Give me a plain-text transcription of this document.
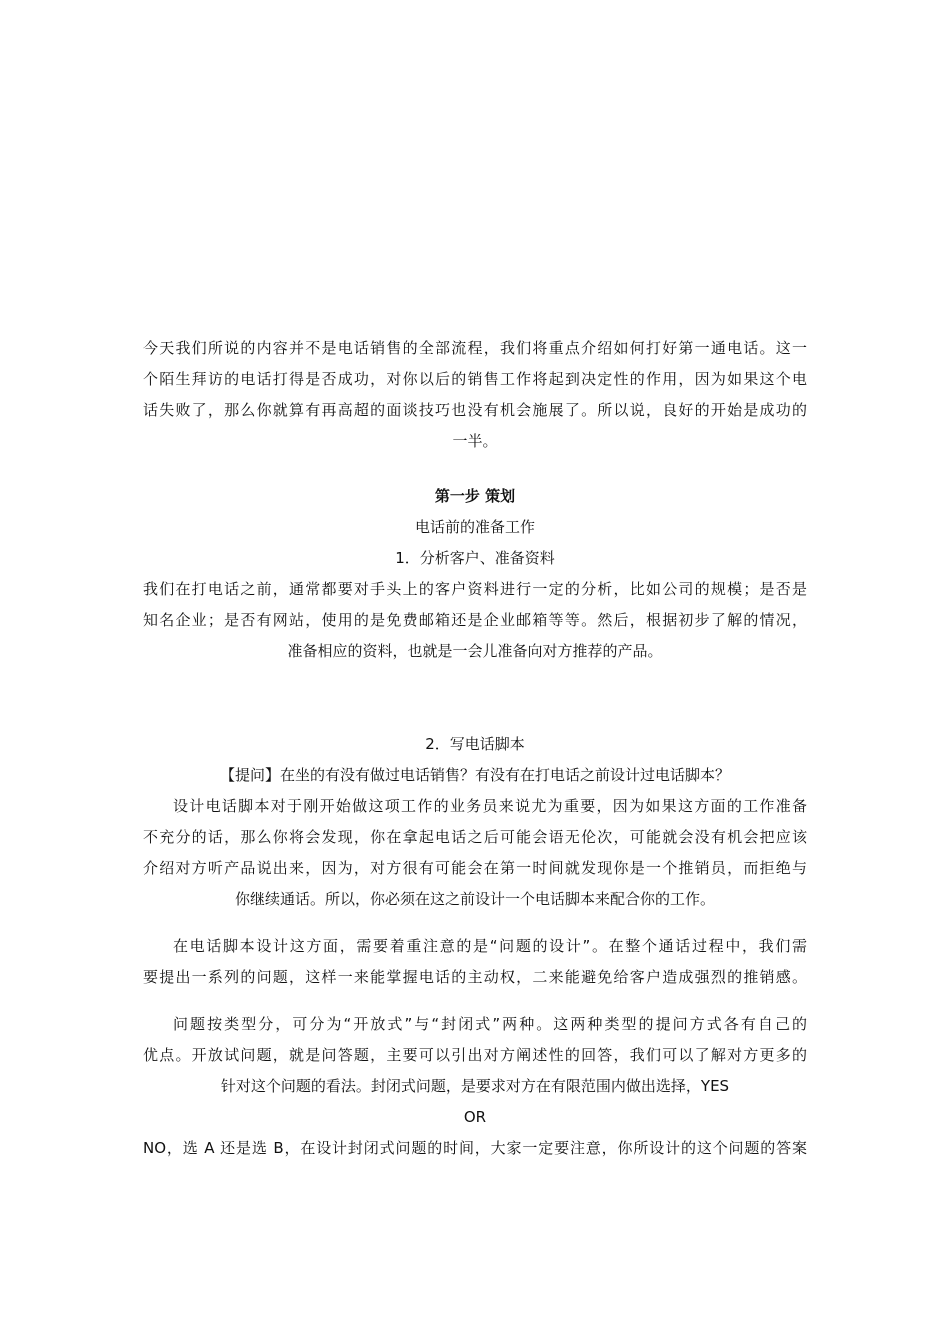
今天我们所说的内容并不是电话销售的全部流程，我们将重点介绍如何打好第一通电话。这一
个陌生拜访的电话打得是否成功，对你以后的销售工作将起到决定性的作用，因为如果这个电
话失败了，那么你就算有再高超的面谈技巧也没有机会施展了。所以说，良好的开始是成功的
一半。
第一步 策划
电话前的准备工作
1．分析客户、准备资料
我们在打电话之前，通常都要对手头上的客户资料进行一定的分析，比如公司的规模；是否是
知名企业；是否有网站，使用的是免费邮箱还是企业邮箱等等。然后，根据初步了解的情况，
准备相应的资料，也就是一会儿准备向对方推荐的产品。
2．写电话脚本
【提问】在坐的有没有做过电话销售？有没有在打电话之前设计过电话脚本？
设计电话脚本对于刚开始做这项工作的业务员来说尤为重要，因为如果这方面的工作准备
不充分的话，那么你将会发现，你在拿起电话之后可能会语无伦次，可能就会没有机会把应该
介绍对方听产品说出来，因为，对方很有可能会在第一时间就发现你是一个推销员，而拒绝与
你继续通话。所以，你必须在这之前设计一个电话脚本来配合你的工作。
在电话脚本设计这方面，需要着重注意的是“问题的设计”。在整个通话过程中，我们需
要提出一系列的问题，这样一来能掌握电话的主动权，二来能避免给客户造成强烈的推销感。
问题按类型分，可分为“开放式”与“封闭式”两种。这两种类型的提问方式各有自己的
优点。开放试问题，就是问答题，主要可以引出对方阐述性的回答，我们可以了解对方更多的
针对这个问题的看法。封闭式问题，是要求对方在有限范围内做出选择，YES
OR
NO，选 A 还是选 B，在设计封闭式问题的时间，大家一定要注意，你所设计的这个问题的答案
